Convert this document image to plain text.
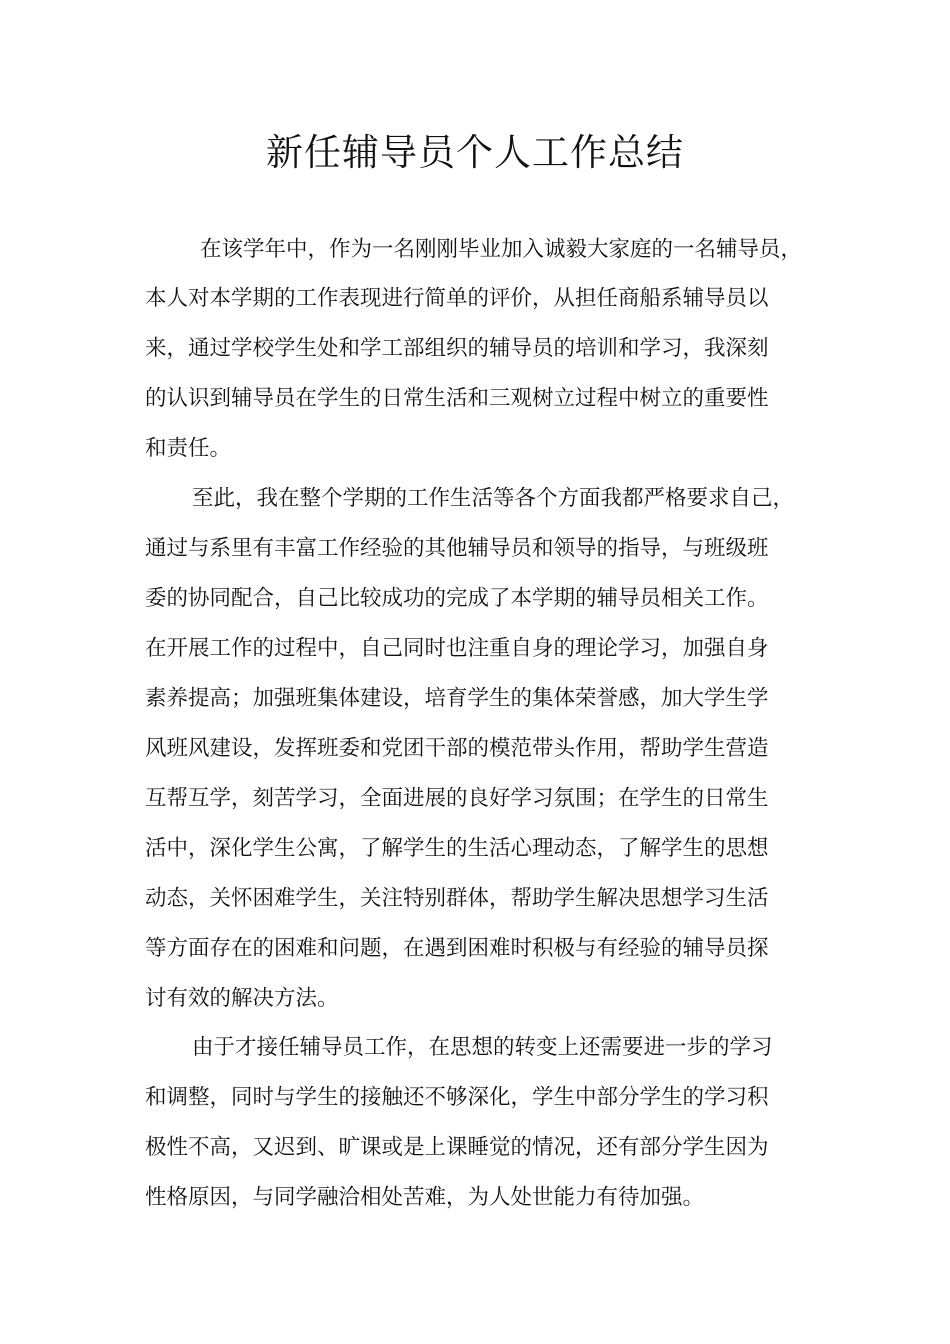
新任辅导员个人工作总结

在该学年中，作为一名刚刚毕业加入诚毅大家庭的一名辅导员，

本人对本学期的工作表现进行简单的评价，从担任商船系辅导员以

来，通过学校学生处和学工部组织的辅导员的培训和学习，我深刻

的认识到辅导员在学生的日常生活和三观树立过程中树立的重要性

和责任。

至此，我在整个学期的工作生活等各个方面我都严格要求自己，

通过与系里有丰富工作经验的其他辅导员和领导的指导，与班级班

委的协同配合，自己比较成功的完成了本学期的辅导员相关工作。

在开展工作的过程中，自己同时也注重自身的理论学习，加强自身

素养提高；加强班集体建设，培育学生的集体荣誉感，加大学生学

风班风建设，发挥班委和党团干部的模范带头作用，帮助学生营造

互帮互学，刻苦学习，全面进展的良好学习氛围；在学生的日常生

活中，深化学生公寓，了解学生的生活心理动态，了解学生的思想

动态，关怀困难学生，关注特别群体，帮助学生解决思想学习生活

等方面存在的困难和问题，在遇到困难时积极与有经验的辅导员探

讨有效的解决方法。

由于才接任辅导员工作，在思想的转变上还需要进一步的学习

和调整，同时与学生的接触还不够深化，学生中部分学生的学习积

极性不高，又迟到、旷课或是上课睡觉的情况，还有部分学生因为

性格原因，与同学融洽相处苦难，为人处世能力有待加强。
